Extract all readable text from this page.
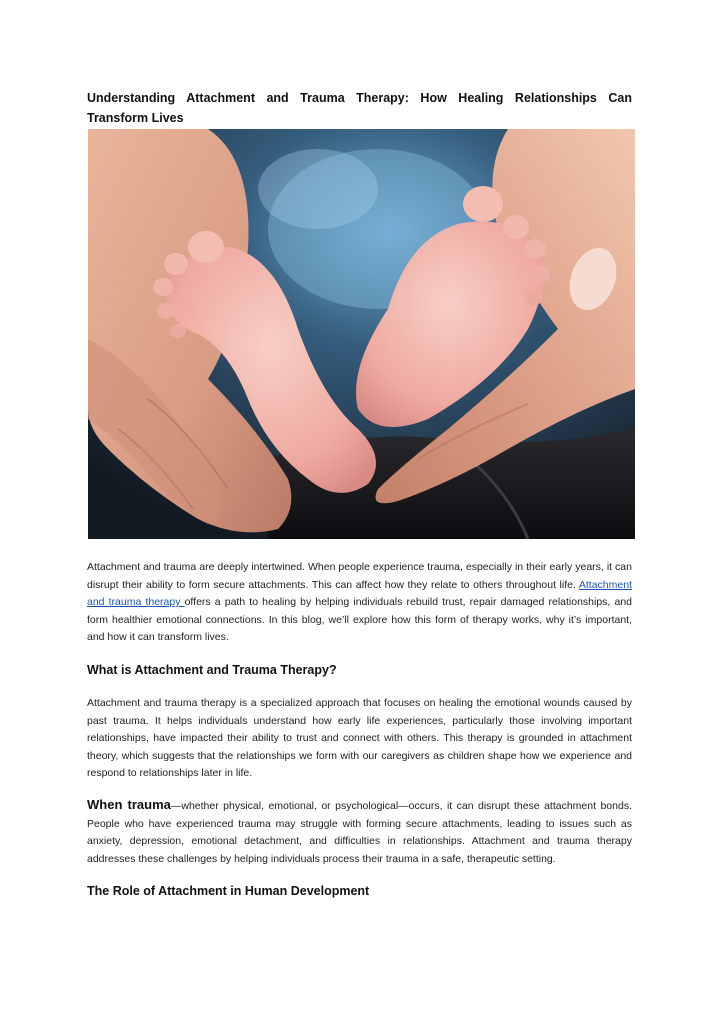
Understanding Attachment and Trauma Therapy: How Healing Relationships Can Transform Lives

Attachment and trauma are deeply intertwined. When people experience trauma, especially in their early years, it can disrupt their ability to form secure attachments. This can affect how they relate to others throughout life. Attachment and trauma therapy offers a path to healing by helping individuals rebuild trust, repair damaged relationships, and form healthier emotional connections. In this blog, we’ll explore how this form of therapy works, why it’s important, and how it can transform lives.

What is Attachment and Trauma Therapy?

Attachment and trauma therapy is a specialized approach that focuses on healing the emotional wounds caused by past trauma. It helps individuals understand how early life experiences, particularly those involving important relationships, have impacted their ability to trust and connect with others. This therapy is grounded in attachment theory, which suggests that the relationships we form with our caregivers as children shape how we experience and respond to relationships later in life.

When trauma—whether physical, emotional, or psychological—occurs, it can disrupt these attachment bonds. People who have experienced trauma may struggle with forming secure attachments, leading to issues such as anxiety, depression, emotional detachment, and difficulties in relationships. Attachment and trauma therapy addresses these challenges by helping individuals process their trauma in a safe, therapeutic setting.

The Role of Attachment in Human Development
